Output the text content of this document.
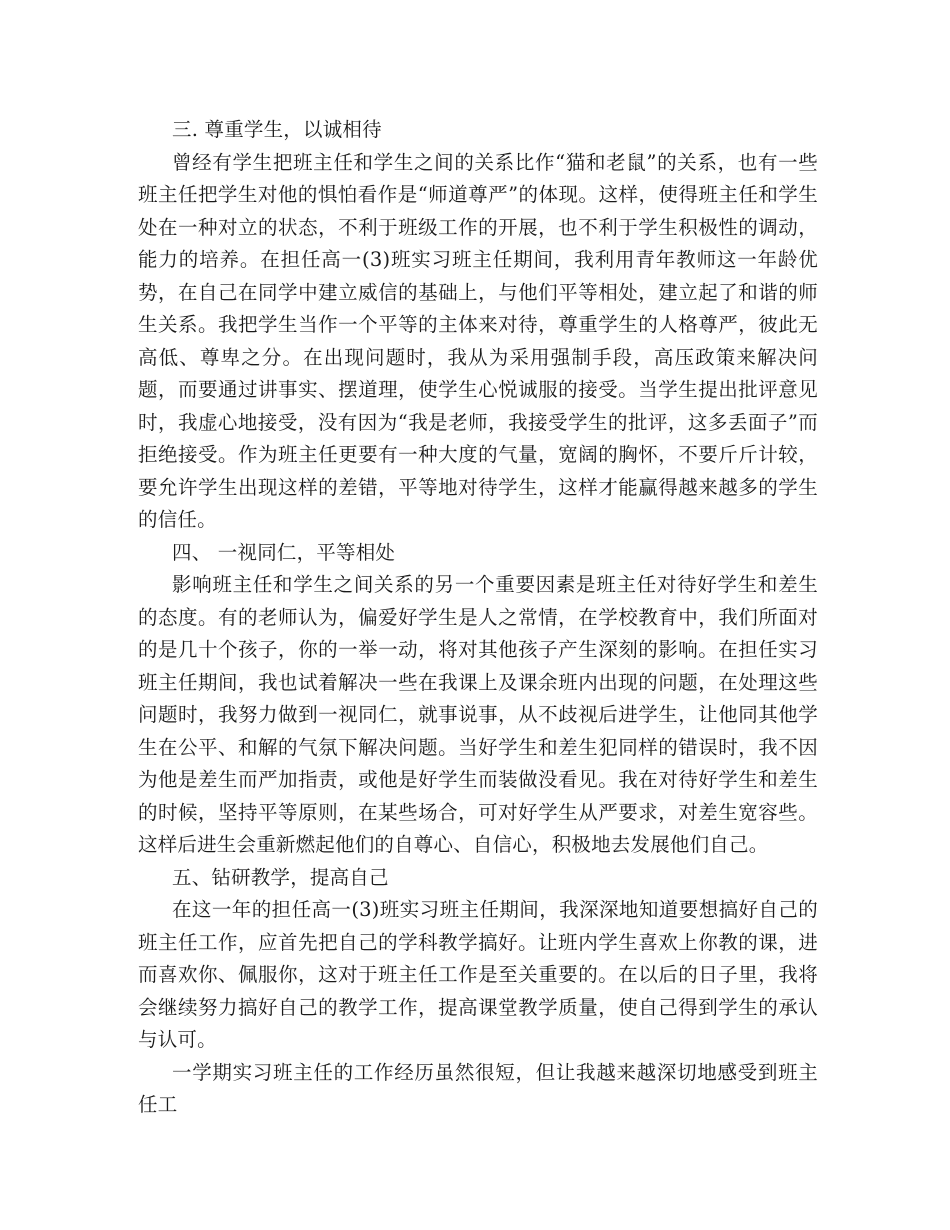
三. 尊重学生，以诚相待

曾经有学生把班主任和学生之间的关系比作“猫和老鼠”的关系，也有一些班主任把学生对他的惧怕看作是“师道尊严”的体现。这样，使得班主任和学生处在一种对立的状态，不利于班级工作的开展，也不利于学生积极性的调动，能力的培养。在担任高一(3)班实习班主任期间，我利用青年教师这一年龄优势，在自己在同学中建立威信的基础上，与他们平等相处，建立起了和谐的师生关系。我把学生当作一个平等的主体来对待，尊重学生的人格尊严，彼此无高低、尊卑之分。在出现问题时，我从为采用强制手段，高压政策来解决问题，而要通过讲事实、摆道理，使学生心悦诚服的接受。当学生提出批评意见时，我虚心地接受，没有因为“我是老师，我接受学生的批评，这多丢面子”而拒绝接受。作为班主任更要有一种大度的气量，宽阔的胸怀，不要斤斤计较，要允许学生出现这样的差错，平等地对待学生，这样才能赢得越来越多的学生的信任。

四、 一视同仁，平等相处

影响班主任和学生之间关系的另一个重要因素是班主任对待好学生和差生的态度。有的老师认为，偏爱好学生是人之常情，在学校教育中，我们所面对的是几十个孩子，你的一举一动，将对其他孩子产生深刻的影响。在担任实习班主任期间，我也试着解决一些在我课上及课余班内出现的问题，在处理这些问题时，我努力做到一视同仁，就事说事，从不歧视后进学生，让他同其他学生在公平、和解的气氛下解决问题。当好学生和差生犯同样的错误时，我不因为他是差生而严加指责，或他是好学生而装做没看见。我在对待好学生和差生的时候，坚持平等原则，在某些场合，可对好学生从严要求，对差生宽容些。这样后进生会重新燃起他们的自尊心、自信心，积极地去发展他们自己。

五、钻研教学，提高自己

在这一年的担任高一(3)班实习班主任期间，我深深地知道要想搞好自己的班主任工作，应首先把自己的学科教学搞好。让班内学生喜欢上你教的课，进而喜欢你、佩服你，这对于班主任工作是至关重要的。在以后的日子里，我将会继续努力搞好自己的教学工作，提高课堂教学质量，使自己得到学生的承认与认可。

一学期实习班主任的工作经历虽然很短，但让我越来越深切地感受到班主任工
